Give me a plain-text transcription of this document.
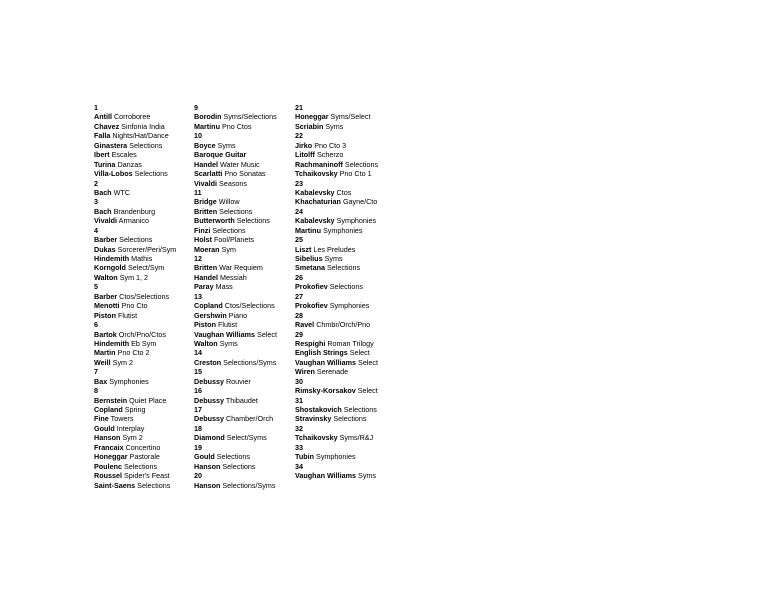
1
Antill Corroboree
Chavez Sinfonia India
Falla Nights/Hat/Dance
Ginastera Selections
Ibert Escales
Turina Danzas
Villa-Lobos Selections
2
Bach WTC
3
Bach Brandenburg
Vivaldi Armanico
4
Barber Selections
Dukas Sorcerer/Peri/Sym
Hindemith Mathis
Korngold Select/Sym
Walton Sym 1, 2
5
Barber Ctos/Selections
Menotti Pno Cto
Piston Flutist
6
Bartok Orch/Pno/Ctos
Hindemith Eb Sym
Martin Pno Cto 2
Weill Sym 2
7
Bax Symphonies
8
Bernstein Quiet Place
Copland Spring
Fine Towers
Gould Interplay
Hanson Sym 2
Francaix Concertino
Honeggar Pastorale
Poulenc Selections
Roussel Spider's Feast
Saint-Saens Selections
9
Borodin Syms/Selections
Martinu Pno Ctos
10
Boyce Syms
Baroque Guitar
Handel Water Music
Scarlatti Pno Sonatas
Vivaldi Seasons
11
Bridge Willow
Britten Selections
Butterworth Selections
Finzi Selections
Holst Fool/Planets
Moeran Sym
12
Britten War Requiem
Handel Messiah
Paray Mass
13
Copland Ctos/Selections
Gershwin Piano
Piston Flutist
Vaughan Williams Select
Walton Syms
14
Creston Selections/Syms
15
Debussy Rouvier
16
Debussy Thibaudet
17
Debussy Chamber/Orch
18
Diamond Select/Syms
19
Gould Selections
Hanson Selections
20
Hanson Selections/Syms
21
Honeggar Syms/Select
Scriabin Syms
22
Jirko Pno Cto 3
Litolff Scherzo
Rachmaninoff Selections
Tchaikovsky Pno Cto 1
23
Kabalevsky Ctos
Khachaturian Gayne/Cto
24
Kabalevsky Symphonies
Martinu Symphonies
25
Liszt Les Preludes
Sibelius Syms
Smetana Selections
26
Prokofiev Selections
27
Prokofiev Symphonies
28
Ravel Chmbr/Orch/Pno
29
Respighi Roman Trilogy
English Strings Select
Vaughan Williams Select
Wiren Serenade
30
Rimsky-Korsakov Select
31
Shostakovich Selections
Stravinsky Selections
32
Tchaikovsky Syms/R&J
33
Tubin Symphonies
34
Vaughan Williams Syms
